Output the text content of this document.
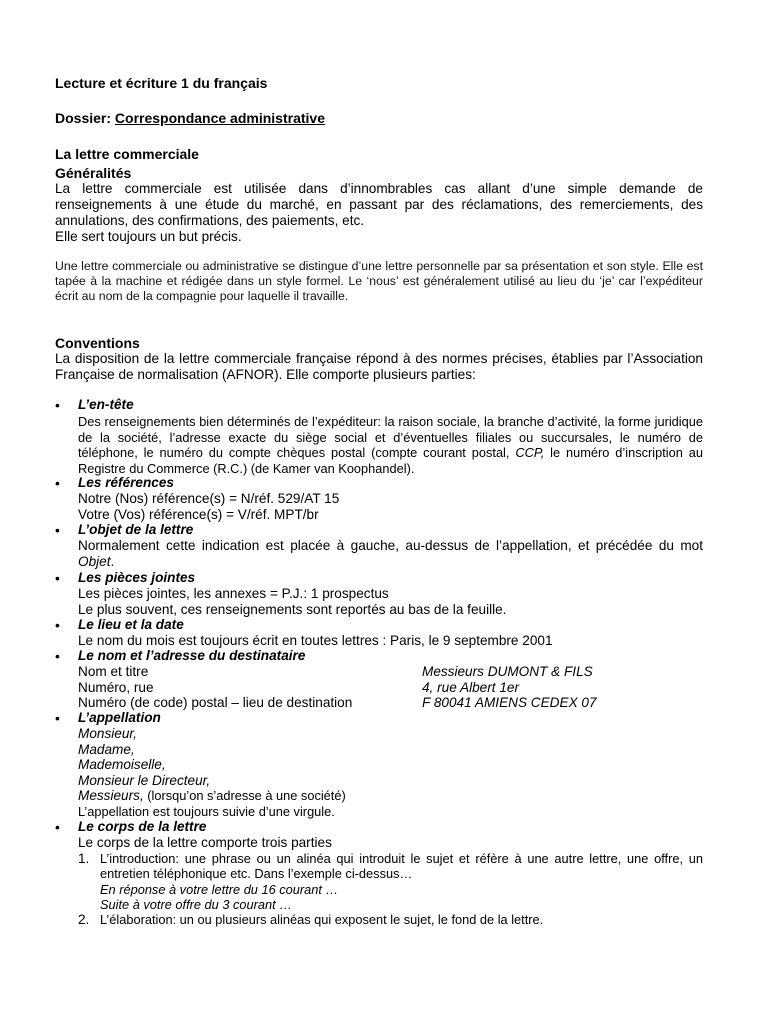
Lecture et écriture 1 du français
Dossier: Correspondance administrative
La lettre commerciale
Généralités
La lettre commerciale est utilisée dans d’innombrables cas allant d’une simple demande de renseignements à une étude du marché, en passant par des réclamations, des remerciements, des annulations, des confirmations, des paiements, etc.
Elle sert toujours un but précis.
Une lettre commerciale ou administrative se distingue d’une lettre personnelle par sa présentation et son style. Elle est tapée à la machine et rédigée dans un style formel. Le ‘nous’ est généralement utilisé au lieu du ‘je’ car l’expéditeur écrit au nom de la compagnie pour laquelle il travaille.
Conventions
La disposition de la lettre commerciale française répond à des normes précises, établies par l’Association Française de normalisation (AFNOR). Elle comporte plusieurs parties:
• L’en-tête
Des renseignements bien déterminés de l’expéditeur: la raison sociale, la branche d’activité, la forme juridique de la société, l’adresse exacte du siège social et d’éventuelles filiales ou succursales, le numéro de téléphone, le numéro du compte chèques postal (compte courant postal, CCP, le numéro d’inscription au Registre du Commerce (R.C.) (de Kamer van Koophandel).
• Les références
Notre (Nos) référence(s) = N/réf. 529/AT 15
Votre (Vos) référence(s) = V/réf. MPT/br
• L’objet de la lettre
Normalement cette indication est placée à gauche, au-dessus de l’appellation, et précédée du mot Objet.
• Les pièces jointes
Les pièces jointes, les annexes = P.J.: 1 prospectus
Le plus souvent, ces renseignements sont reportés au bas de la feuille.
• Le lieu et la date
Le nom du mois est toujours écrit en toutes lettres : Paris, le 9 septembre 2001
• Le nom et l’adresse du destinataire
Nom et titre	Messieurs DUMONT & FILS
Numéro, rue	4, rue Albert 1er
Numéro (de code) postal – lieu de destination	F 80041 AMIENS CEDEX 07
• L’appellation
Monsieur,
Madame,
Mademoiselle,
Monsieur le Directeur,
Messieurs, (lorsqu’on s’adresse à une société)
L’appellation est toujours suivie d’une virgule.
• Le corps de la lettre
Le corps de la lettre comporte trois parties
1. L’introduction: une phrase ou un alinéa qui introduit le sujet et réfère à une autre lettre, une offre, un entretien téléphonique etc. Dans l’exemple ci-dessus…
En réponse à votre lettre du 16 courant …
Suite à votre offre du 3 courant …
2. L’élaboration: un ou plusieurs alinéas qui exposent le sujet, le fond de la lettre.
